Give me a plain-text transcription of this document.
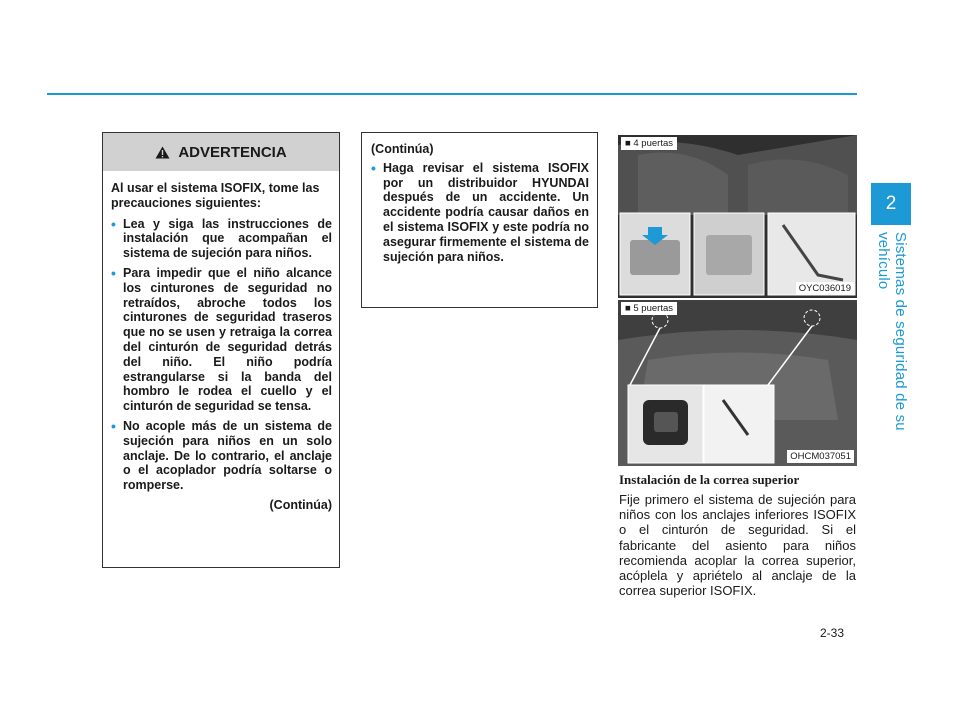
2
Sistemas de seguridad de su vehículo
ADVERTENCIA

Al usar el sistema ISOFIX, tome las precauciones siguientes:

• Lea y siga las instrucciones de instalación que acompañan el sistema de sujeción para niños.
• Para impedir que el niño alcance los cinturones de seguridad no retraídos, abroche todos los cinturones de seguridad traseros que no se usen y retraiga la correa del cinturón de seguridad detrás del niño. El niño podría estrangularse si la banda del hombro le rodea el cuello y el cinturón de seguridad se tensa.
• No acople más de un sistema de sujeción para niños en un solo anclaje. De lo contrario, el anclaje o el acoplador podría soltarse o romperse.

(Continúa)

(Continúa)

• Haga revisar el sistema ISOFIX por un distribuidor HYUNDAI después de un accidente. Un accidente podría causar daños en el sistema ISOFIX y este podría no asegurar firmemente el sistema de sujeción para niños.
■ 4 puertas
OYC036019
■ 5 puertas
OHCM037051
Instalación de la correa superior
Fije primero el sistema de sujeción para niños con los anclajes inferiores ISOFIX o el cinturón de seguridad. Si el fabricante del asiento para niños recomienda acoplar la correa superior, acóplela y apriételo al anclaje de la correa superior ISOFIX.
2-33
